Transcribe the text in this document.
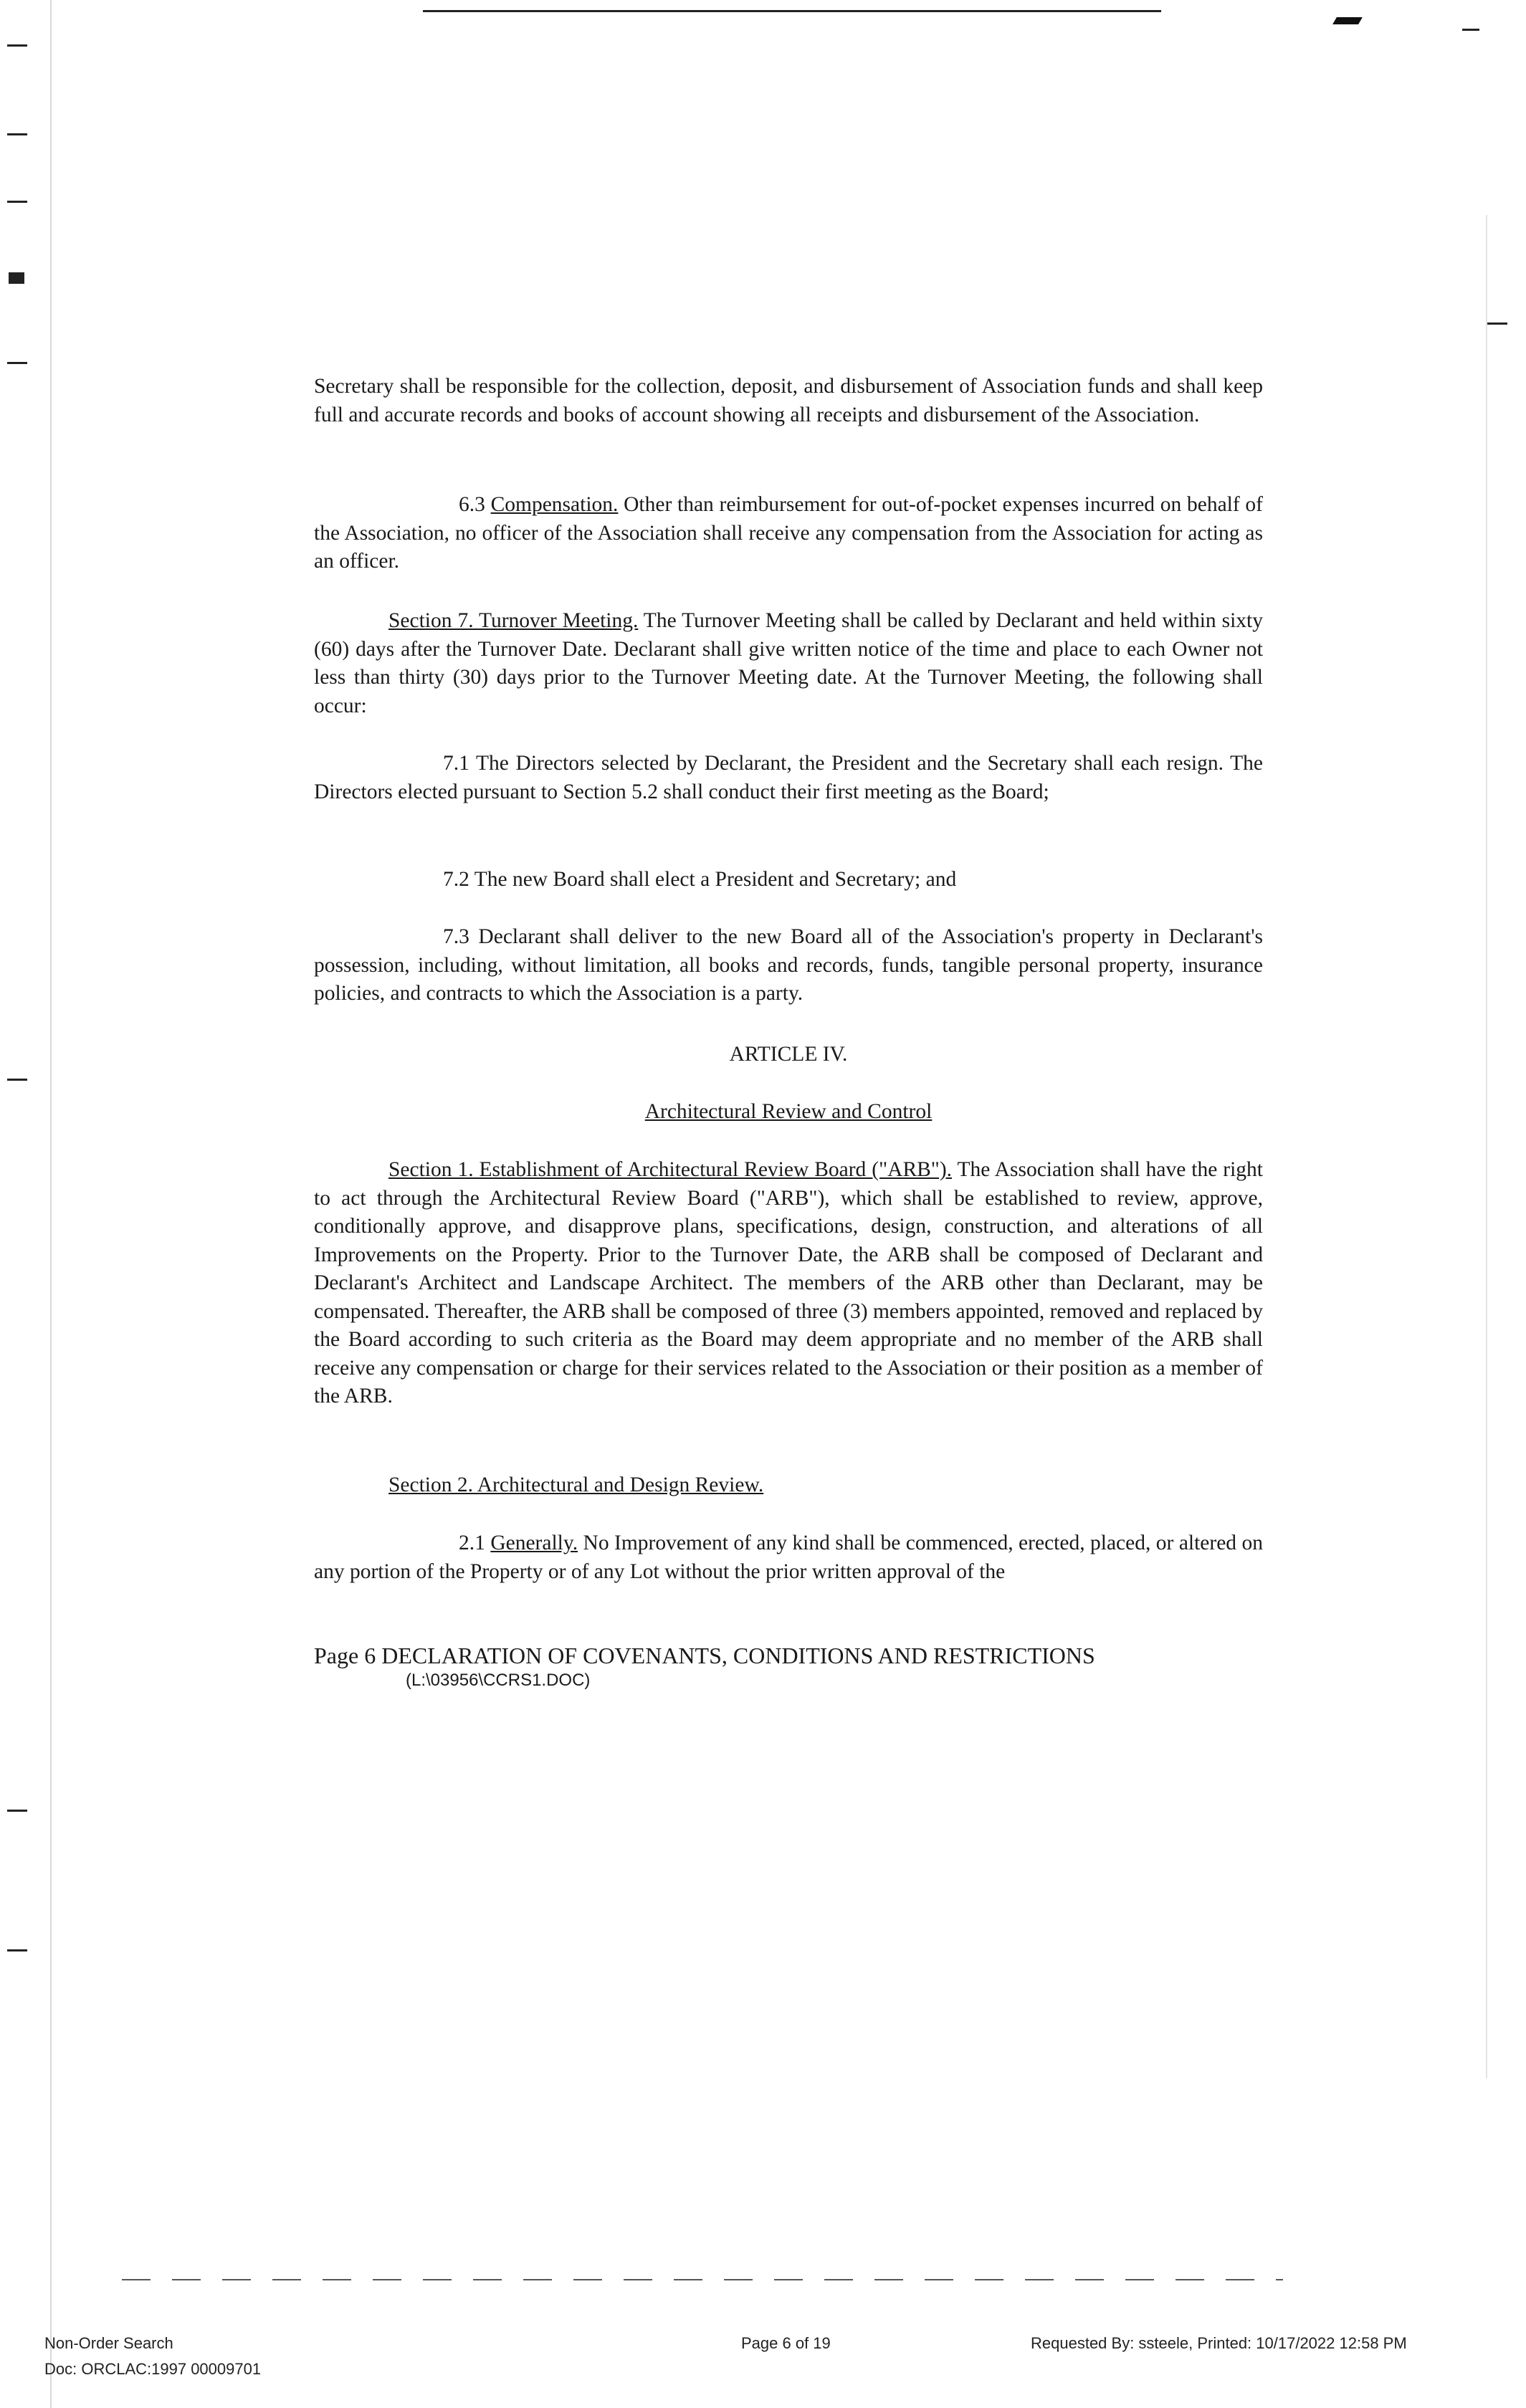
Secretary shall be responsible for the collection, deposit, and disbursement of Association funds and shall keep full and accurate records and books of account showing all receipts and disbursement of the Association.

6.3 Compensation. Other than reimbursement for out-of-pocket expenses incurred on behalf of the Association, no officer of the Association shall receive any compensation from the Association for acting as an officer.

Section 7. Turnover Meeting. The Turnover Meeting shall be called by Declarant and held within sixty (60) days after the Turnover Date. Declarant shall give written notice of the time and place to each Owner not less than thirty (30) days prior to the Turnover Meeting date. At the Turnover Meeting, the following shall occur:

7.1 The Directors selected by Declarant, the President and the Secretary shall each resign. The Directors elected pursuant to Section 5.2 shall conduct their first meeting as the Board;

7.2 The new Board shall elect a President and Secretary; and

7.3 Declarant shall deliver to the new Board all of the Association's property in Declarant's possession, including, without limitation, all books and records, funds, tangible personal property, insurance policies, and contracts to which the Association is a party.

ARTICLE IV.

Architectural Review and Control

Section 1. Establishment of Architectural Review Board ("ARB"). The Association shall have the right to act through the Architectural Review Board ("ARB"), which shall be established to review, approve, conditionally approve, and disapprove plans, specifications, design, construction, and alterations of all Improvements on the Property. Prior to the Turnover Date, the ARB shall be composed of Declarant and Declarant's Architect and Landscape Architect. The members of the ARB other than Declarant, may be compensated. Thereafter, the ARB shall be composed of three (3) members appointed, removed and replaced by the Board according to such criteria as the Board may deem appropriate and no member of the ARB shall receive any compensation or charge for their services related to the Association or their position as a member of the ARB.

Section 2. Architectural and Design Review.

2.1 Generally. No Improvement of any kind shall be commenced, erected, placed, or altered on any portion of the Property or of any Lot without the prior written approval of the

Page 6 DECLARATION OF COVENANTS, CONDITIONS AND RESTRICTIONS
(L:\03956\CCRS1.DOC)
Non-Order Search
Doc: ORCLAC:1997 00009701
Page 6 of 19	Requested By: ssteele, Printed: 10/17/2022 12:58 PM
